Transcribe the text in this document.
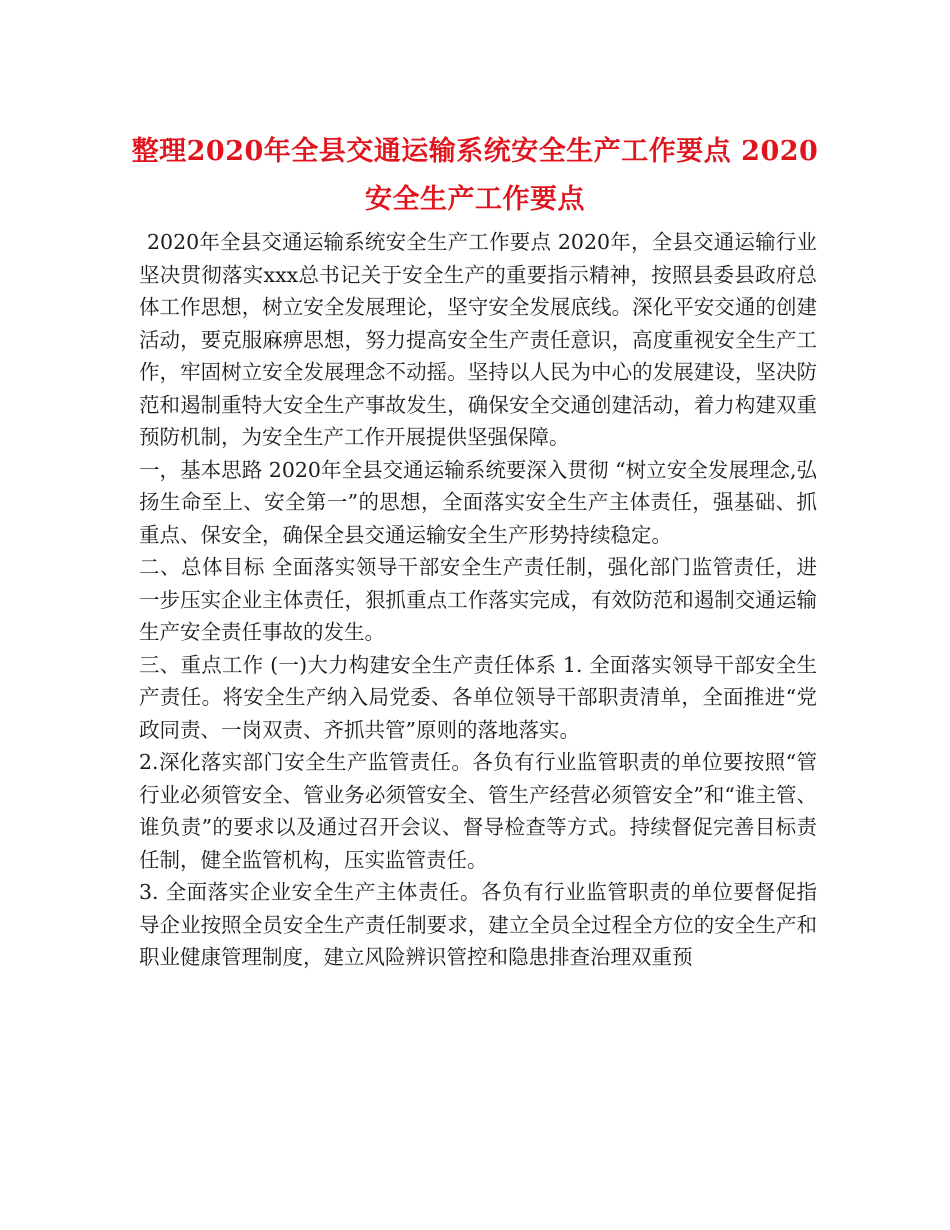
整理2020年全县交通运输系统安全生产工作要点 2020安全生产工作要点

2020年全县交通运输系统安全生产工作要点 2020年，全县交通运输行业坚决贯彻落实xxx总书记关于安全生产的重要指示精神，按照县委县政府总体工作思想，树立安全发展理论，坚守安全发展底线。深化平安交通的创建活动，要克服麻痹思想，努力提高安全生产责任意识，高度重视安全生产工作，牢固树立安全发展理念不动摇。坚持以人民为中心的发展建设，坚决防范和遏制重特大安全生产事故发生，确保安全交通创建活动，着力构建双重预防机制，为安全生产工作开展提供坚强保障。

一，基本思路 2020年全县交通运输系统要深入贯彻 “树立安全发展理念,弘扬生命至上、安全第一”的思想，全面落实安全生产主体责任，强基础、抓重点、保安全，确保全县交通运输安全生产形势持续稳定。

二、总体目标 全面落实领导干部安全生产责任制，强化部门监管责任，进一步压实企业主体责任，狠抓重点工作落实完成，有效防范和遏制交通运输生产安全责任事故的发生。

三、重点工作 (一)大力构建安全生产责任体系 1. 全面落实领导干部安全生产责任。将安全生产纳入局党委、各单位领导干部职责清单，全面推进“党政同责、一岗双责、齐抓共管”原则的落地落实。

2.深化落实部门安全生产监管责任。各负有行业监管职责的单位要按照“管行业必须管安全、管业务必须管安全、管生产经营必须管安全”和“谁主管、谁负责”的要求以及通过召开会议、督导检查等方式。持续督促完善目标责任制，健全监管机构，压实监管责任。

3. 全面落实企业安全生产主体责任。各负有行业监管职责的单位要督促指导企业按照全员安全生产责任制要求，建立全员全过程全方位的安全生产和职业健康管理制度，建立风险辨识管控和隐患排查治理双重预
